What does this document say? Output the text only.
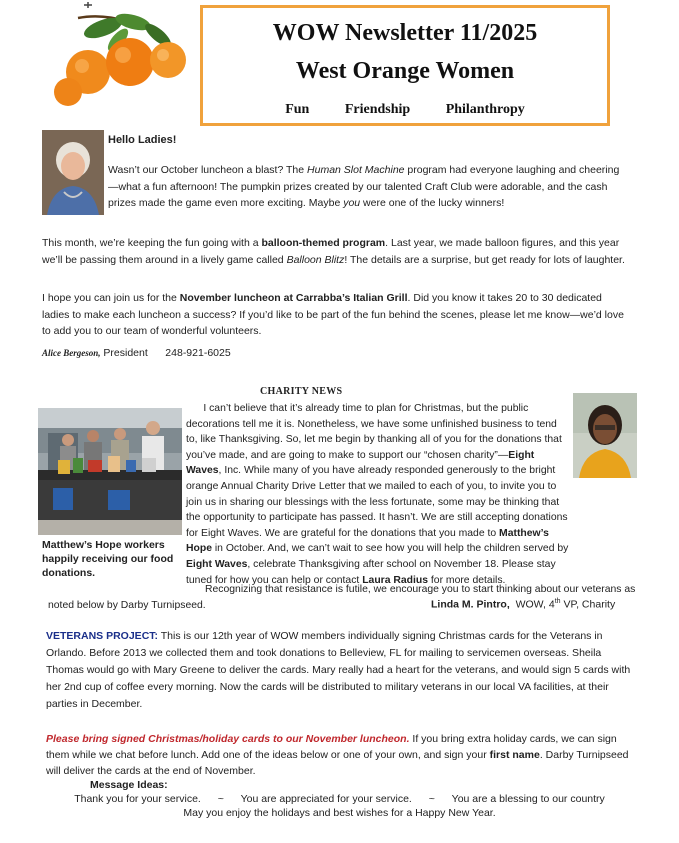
WOW Newsletter 11/2025
West Orange Women
Fun	Friendship	Philanthropy
Hello Ladies!

Wasn’t our October luncheon a blast? The Human Slot Machine program had everyone laughing and cheering—what a fun afternoon! The pumpkin prizes created by our talented Craft Club were adorable, and the cash prizes made the game even more exciting. Maybe you were one of the lucky winners!

This month, we’re keeping the fun going with a balloon-themed program. Last year, we made balloon figures, and this year we’ll be passing them around in a lively game called Balloon Blitz! The details are a surprise, but get ready for lots of laughter.

I hope you can join us for the November luncheon at Carrabba’s Italian Grill. Did you know it takes 20 to 30 dedicated ladies to make each luncheon a success? If you’d like to be part of the fun behind the scenes, please let me know—we’d love to add you to our team of wonderful volunteers.

Alice Bergeson, President 248-921-6025
CHARITY NEWS
Matthew’s Hope workers happily receiving our food donations.

I can’t believe that it’s already time to plan for Christmas, but the public decorations tell me it is. Nonetheless, we have some unfinished business to tend to, like Thanksgiving. So, let me begin by thanking all of you for the donations that you’ve made, and are going to make to support our “chosen charity”—Eight Waves, Inc. While many of you have already responded generously to the bright orange Annual Charity Drive Letter that we mailed to each of you, to invite you to join us in sharing our blessings with the less fortunate, some may be thinking that the opportunity to participate has passed. It hasn’t. We are still accepting donations for Eight Waves. We are grateful for the donations that you made to Matthew’s Hope in October. And, we can’t wait to see how you will help the children served by Eight Waves, celebrate Thanksgiving after school on November 18. Please stay tuned for how you can help or contact Laura Radius for more details.

Recognizing that resistance is futile, we encourage you to start thinking about our veterans as noted below by Darby Turnipseed.	Linda M. Pintro, WOW, 4th VP, Charity

VETERANS PROJECT: This is our 12th year of WOW members individually signing Christmas cards for the Veterans in Orlando. Before 2013 we collected them and took donations to Belleview, FL for mailing to servicemen overseas. Sheila Thomas would go with Mary Greene to deliver the cards. Mary really had a heart for the veterans, and would sign 5 cards with her 2nd cup of coffee every morning. Now the cards will be distributed to military veterans in our local VA facilities, at their parties in December.

Please bring signed Christmas/holiday cards to our November luncheon. If you bring extra holiday cards, we can sign them while we chat before lunch. Add one of the ideas below or one of your own, and sign your first name. Darby Turnipseed will deliver the cards at the end of November.

Message Ideas:
Thank you for your service. ~ You are appreciated for your service. ~ You are a blessing to our country
May you enjoy the holidays and best wishes for a Happy New Year.
